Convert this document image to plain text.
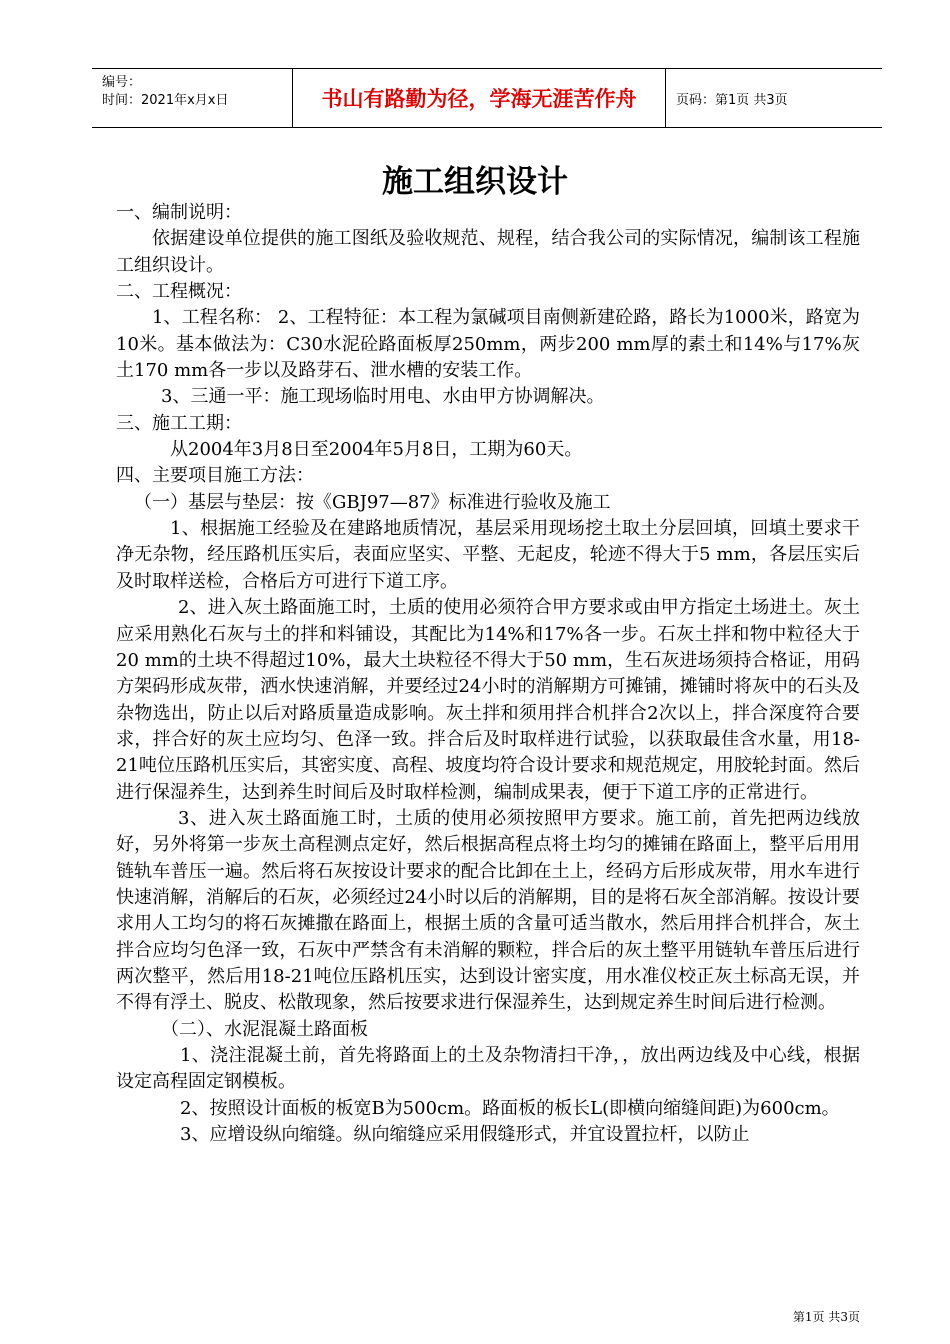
编号：
时间：2021年x月x日	书山有路勤为径，学海无涯苦作舟	页码：第1页 共3页
施工组织设计

一、编制说明：

依据建设单位提供的施工图纸及验收规范、规程，结合我公司的实际情况，编制该工程施工组织设计。

二、工程概况：

1、工程名称： 2、工程特征：本工程为氯碱项目南侧新建砼路，路长为1000米，路宽为10米。基本做法为：C30水泥砼路面板厚250mm，两步200 mm厚的素土和14%与17%灰土170 mm各一步以及路芽石、泄水槽的安装工作。

3、三通一平：施工现场临时用电、水由甲方协调解决。

三、施工工期：

从2004年3月8日至2004年5月8日，工期为60天。

四、主要项目施工方法：

（一）基层与垫层：按《GBJ97—87》标准进行验收及施工

1、根据施工经验及在建路地质情况，基层采用现场挖土取土分层回填，回填土要求干净无杂物，经压路机压实后，表面应坚实、平整、无起皮，轮迹不得大于5 mm，各层压实后及时取样送检，合格后方可进行下道工序。

2、进入灰土路面施工时，土质的使用必须符合甲方要求或由甲方指定土场进土。灰土应采用熟化石灰与土的拌和料铺设，其配比为14%和17%各一步。石灰土拌和物中粒径大于20 mm的土块不得超过10%，最大土块粒径不得大于50 mm，生石灰进场须持合格证，用码方架码形成灰带，洒水快速消解，并要经过24小时的消解期方可摊铺，摊铺时将灰中的石头及杂物选出，防止以后对路质量造成影响。灰土拌和须用拌合机拌合2次以上，拌合深度符合要求，拌合好的灰土应均匀、色泽一致。拌合后及时取样进行试验，以获取最佳含水量，用18-21吨位压路机压实后，其密实度、高程、坡度均符合设计要求和规范规定，用胶轮封面。然后进行保湿养生，达到养生时间后及时取样检测，编制成果表，便于下道工序的正常进行。

3、进入灰土路面施工时，土质的使用必须按照甲方要求。施工前，首先把两边线放好，另外将第一步灰土高程测点定好，然后根据高程点将土均匀的摊铺在路面上，整平后用用链轨车普压一遍。然后将石灰按设计要求的配合比卸在土上，经码方后形成灰带，用水车进行快速消解，消解后的石灰，必须经过24小时以后的消解期，目的是将石灰全部消解。按设计要求用人工均匀的将石灰摊撒在路面上，根据土质的含量可适当散水，然后用拌合机拌合，灰土拌合应均匀色泽一致，石灰中严禁含有未消解的颗粒，拌合后的灰土整平用链轨车普压后进行两次整平，然后用18-21吨位压路机压实，达到设计密实度，用水准仪校正灰土标高无误，并不得有浮土、脱皮、松散现象，然后按要求进行保湿养生，达到规定养生时间后进行检测。

（二）、水泥混凝土路面板

1、浇注混凝土前，首先将路面上的土及杂物清扫干净，，放出两边线及中心线，根据设定高程固定钢模板。

2、按照设计面板的板宽B为500cm。路面板的板长L(即横向缩缝间距)为600cm。

3、应增设纵向缩缝。纵向缩缝应采用假缝形式，并宜设置拉杆，以防止

第1页 共3页
